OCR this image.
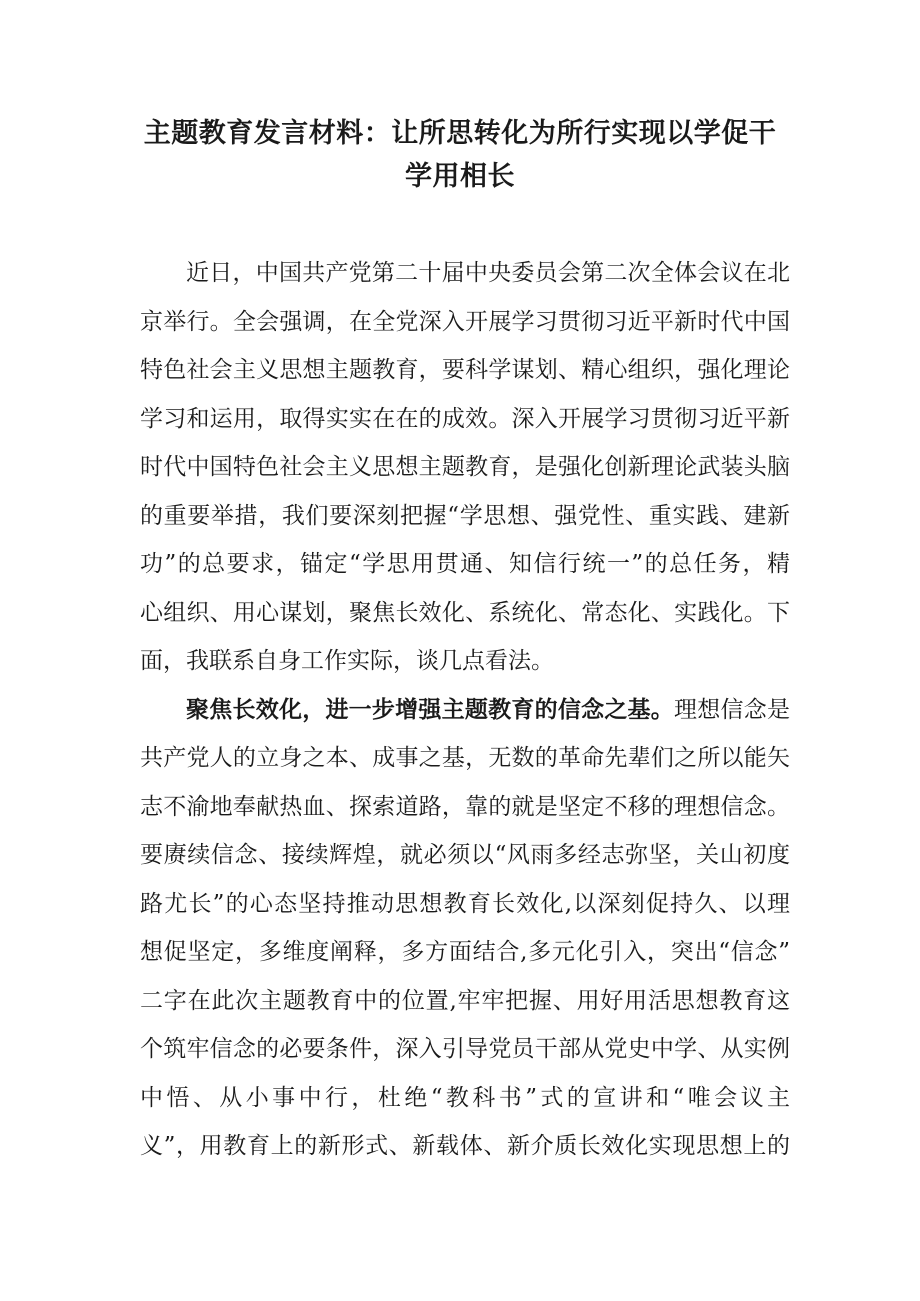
主题教育发言材料：让所思转化为所行实现以学促干
学用相长
近日，中国共产党第二十届中央委员会第二次全体会议在北
京举行。全会强调，在全党深入开展学习贯彻习近平新时代中国
特色社会主义思想主题教育，要科学谋划、精心组织，强化理论
学习和运用，取得实实在在的成效。深入开展学习贯彻习近平新
时代中国特色社会主义思想主题教育，是强化创新理论武装头脑
的重要举措，我们要深刻把握“学思想、强党性、重实践、建新
功”的总要求，锚定“学思用贯通、知信行统一”的总任务，精
心组织、用心谋划，聚焦长效化、系统化、常态化、实践化。下
面，我联系自身工作实际，谈几点看法。
聚焦长效化，进一步增强主题教育的信念之基。理想信念是
共产党人的立身之本、成事之基，无数的革命先辈们之所以能矢
志不渝地奉献热血、探索道路，靠的就是坚定不移的理想信念。
要赓续信念、接续辉煌，就必须以“风雨多经志弥坚，关山初度
路尤长”的心态坚持推动思想教育长效化,以深刻促持久、以理
想促坚定，多维度阐释，多方面结合,多元化引入，突出“信念”
二字在此次主题教育中的位置,牢牢把握、用好用活思想教育这
个筑牢信念的必要条件，深入引导党员干部从党史中学、从实例
中悟、从小事中行，杜绝“教科书”式的宣讲和“唯会议主
义”，用教育上的新形式、新载体、新介质长效化实现思想上的
